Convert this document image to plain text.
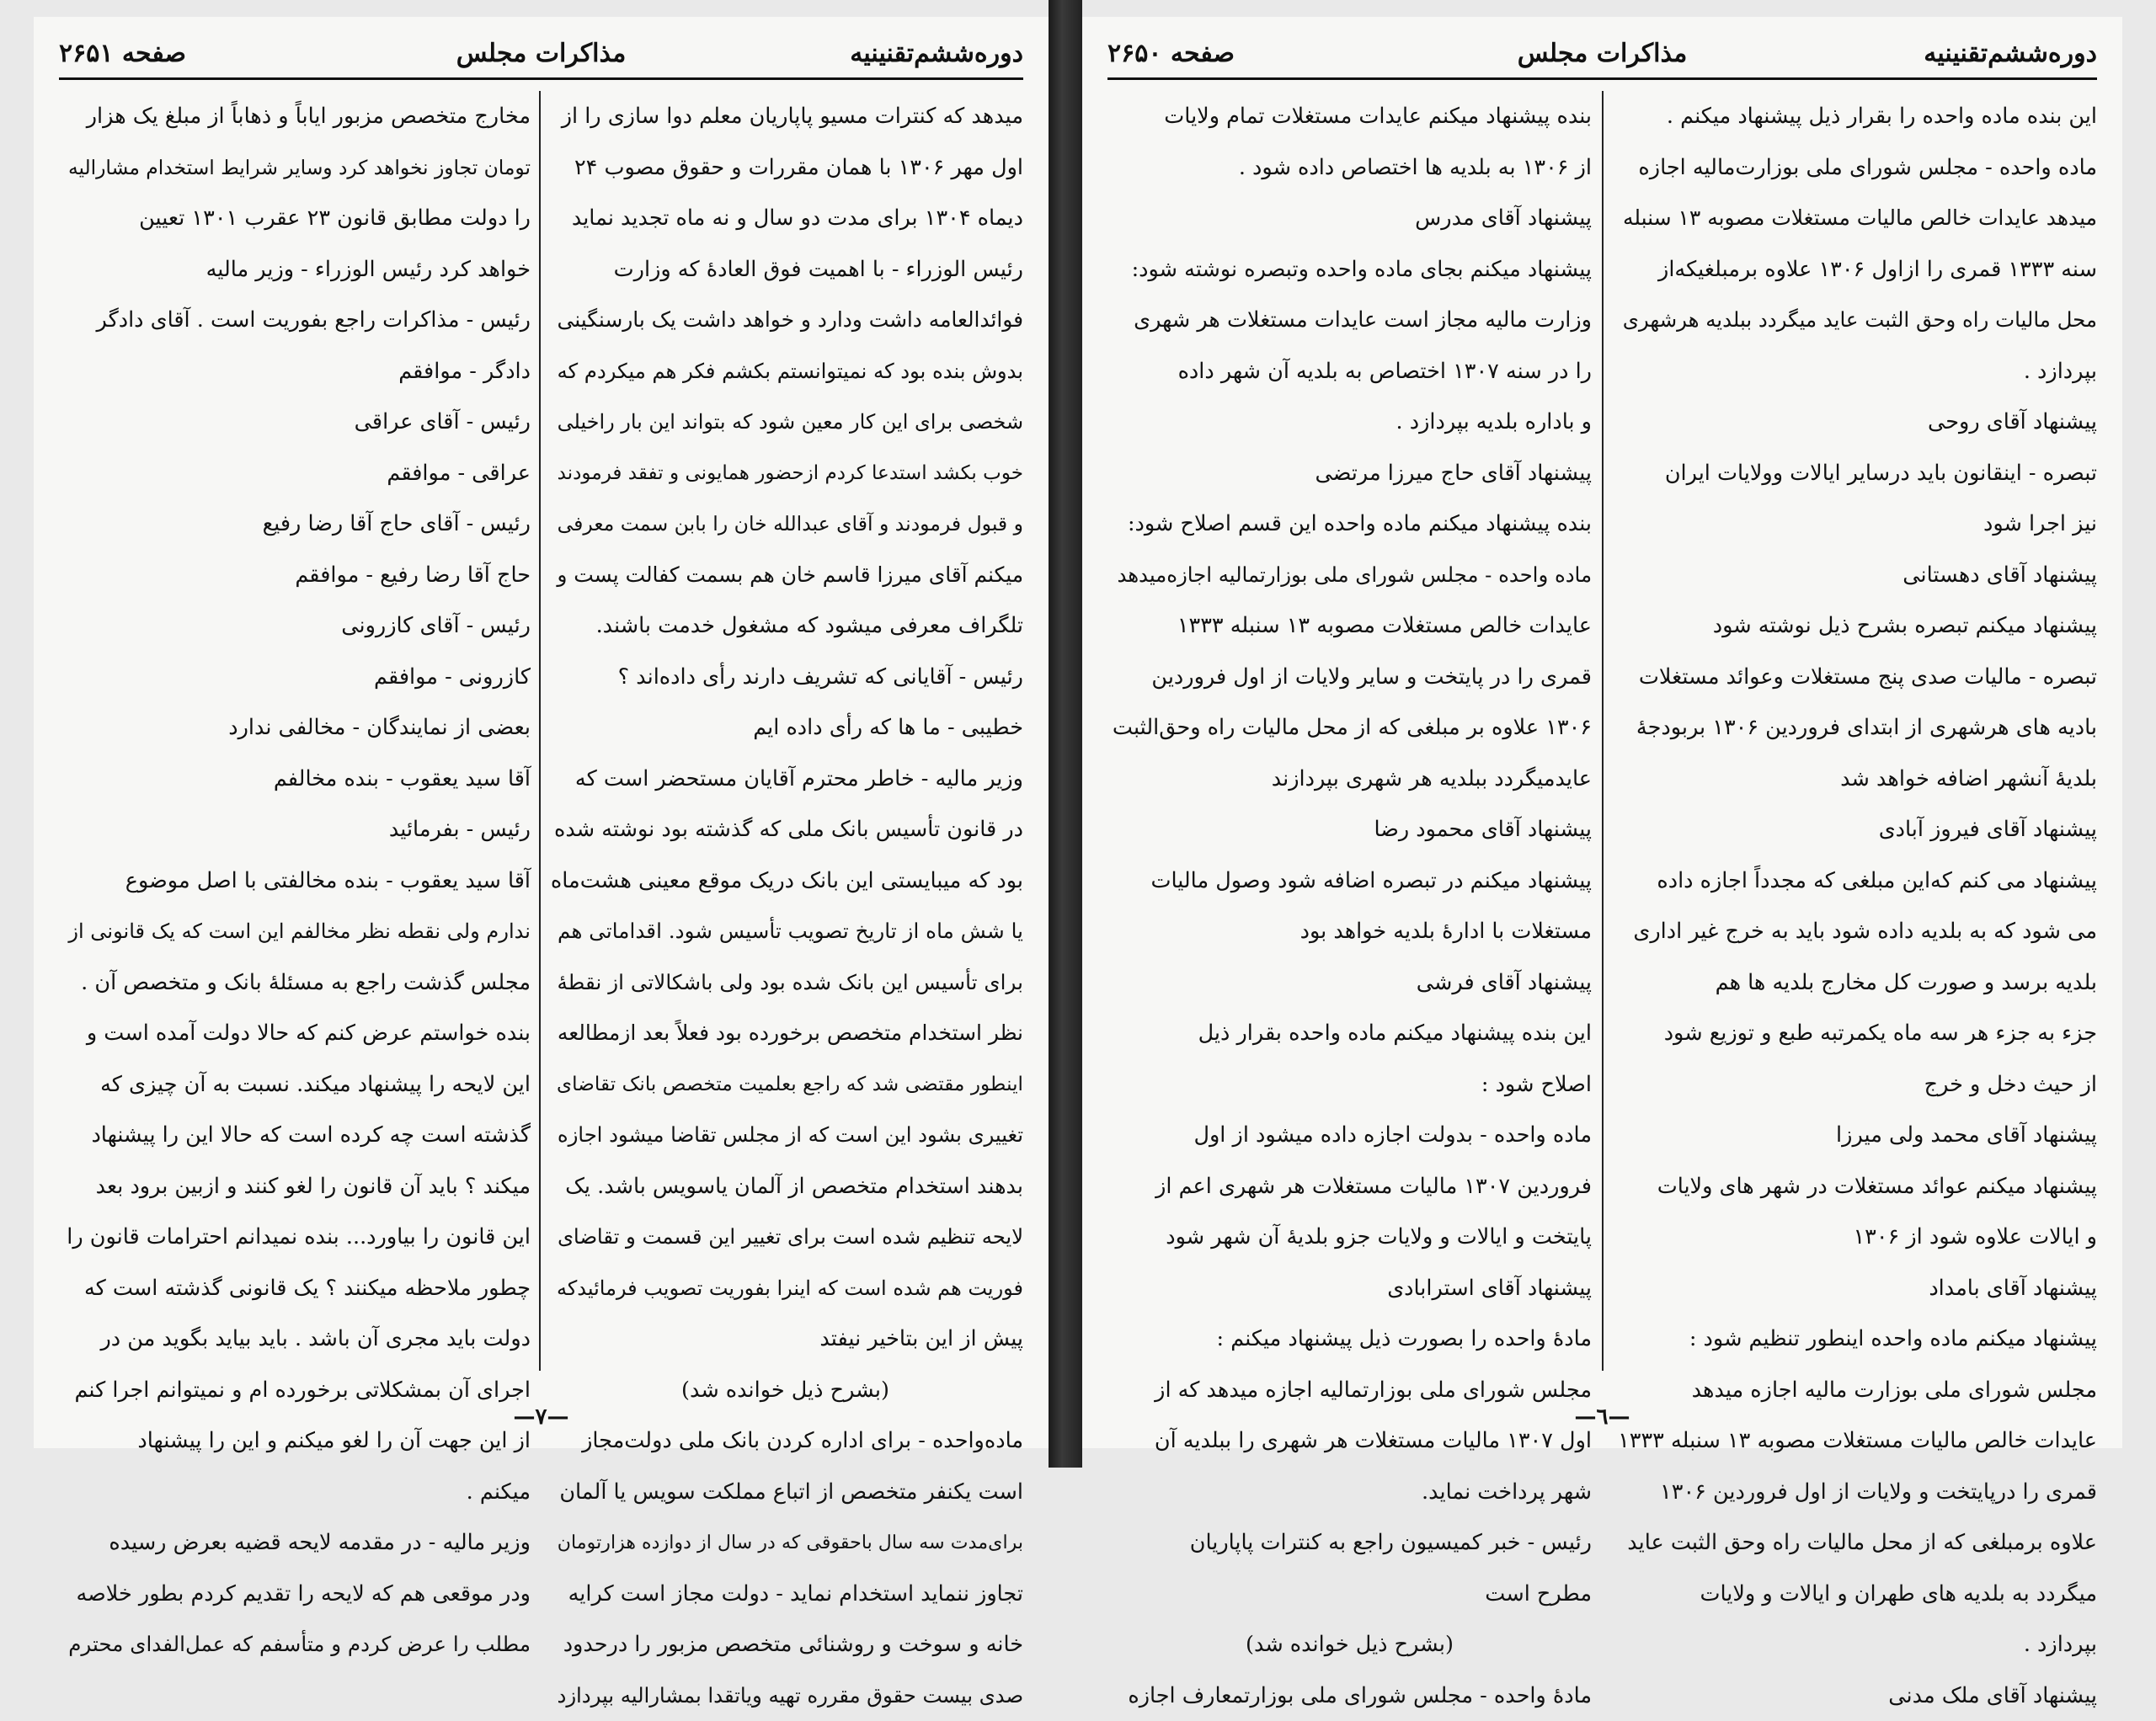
دوره‌ششم‌تقنینیه
مذاکرات مجلس
صفحه ۲۶۵۱

میدهد که کنترات مسیو پاپاریان معلم دوا سازی را از

اول مهر ۱۳۰۶ با همان مقررات و حقوق مصوب ۲۴

دیماه ۱۳۰۴ برای مدت دو سال و نه ماه تجدید نماید

رئیس الوزراء - با اهمیت فوق العادهٔ که وزارت

فوائدالعامه داشت ودارد و خواهد داشت یک بارسنگینی

بدوش بنده بود که نمیتوانستم بکشم فکر هم میکردم که

شخصی برای این کار معین شود که بتواند این بار راخیلی

خوب بکشد استدعا کردم ازحضور همایونی و تفقد فرمودند

و قبول فرمودند و آقای عبدالله خان را بابن سمت معرفی

میکنم آقای میرزا قاسم خان هم بسمت کفالت پست و

تلگراف معرفی میشود که مشغول خدمت باشند.

رئیس - آقایانی که تشریف دارند رأی داده‌اند ؟

خطیبی - ما ها که رأی داده ایم

وزیر مالیه - خاطر محترم آقایان مستحضر است که

در قانون تأسیس بانک ملی که گذشته بود نوشته شده

بود که میبایستی این بانک دریک موقع معینی هشت‌ماه

یا شش ماه از تاریخ تصویب تأسیس شود. اقداماتی هم

برای تأسیس این بانک شده بود ولی باشکالاتی از نقطهٔ

نظر استخدام متخصص برخورده بود فعلاً بعد ازمطالعه

اینطور مقتضی شد که راجع بعلمیت متخصص بانک تقاضای

تغییری بشود این است که از مجلس تقاضا میشود اجازه

بدهند استخدام متخصص از آلمان یاسویس باشد. یک

لایحه تنظیم شده است برای تغییر این قسمت و تقاضای

فوریت هم شده است که اینرا بفوریت تصویب فرمائیدکه

پیش از این بتاخیر نیفتد

(بشرح ذیل خوانده شد)

ماده‌واحده - برای اداره کردن بانک ملی دولت‌مجاز

است یکنفر متخصص از اتباع مملکت سویس یا آلمان

برای‌مدت سه سال باحقوقی که در سال از دوازده هزارتومان

تجاوز ننماید استخدام نماید - دولت مجاز است کرایه

خانه و سوخت و روشنائی متخصص مزبور را درحدود

صدی بیست حقوق مقرره تهیه ویاتقدا بمشارالیه بپردازد

مخارج متخصص مزبور ایاباً و ذهاباً از مبلغ یک هزار

تومان تجاوز نخواهد کرد وسایر شرایط استخدام مشارالیه

را دولت مطابق قانون ۲۳ عقرب ۱۳۰۱ تعیین

خواهد کرد رئیس الوزراء - وزیر مالیه

رئیس - مذاکرات راجع بفوریت است . آقای دادگر

دادگر - موافقم

رئیس - آقای عراقی

عراقی - موافقم

رئیس - آقای حاج آقا رضا رفیع

حاج آقا رضا رفیع - موافقم

رئیس - آقای کازرونی

کازرونی - موافقم

بعضی از نمایندگان - مخالفی ندارد

آقا سید یعقوب - بنده مخالفم

رئیس - بفرمائید

آقا سید یعقوب - بنده مخالفتی با اصل موضوع

ندارم ولی نقطه نظر مخالفم این است که یک قانونی از

مجلس گذشت راجع به مسئلهٔ بانک و متخصص آن .

بنده خواستم عرض کنم که حالا دولت آمده است و

این لایحه را پیشنهاد میکند. نسبت به آن چیزی که

گذشته است چه کرده است که حالا این را پیشنهاد

میکند ؟ باید آن قانون را لغو کنند و ازبین برود بعد

این قانون را بیاورد... بنده نمیدانم احترامات قانون را

چطور ملاحظه میکنند ؟ یک قانونی گذشته است که

دولت باید مجری آن باشد . باید بیاید بگوید من در

اجرای آن بمشکلاتی برخورده ام و نمیتوانم اجرا کنم

از این جهت آن را لغو میکنم و این را پیشنهاد

میکنم .

وزیر مالیه - در مقدمه لایحه قضیه بعرض رسیده

ودر موقعی هم که لایحه را تقدیم کردم بطور خلاصه

مطلب را عرض کردم و متأسفم که عمل‌الفدای محترم

—٧—
دوره‌ششم‌تقنینیه
مذاکرات مجلس
صفحه ۲۶۵۰

این بنده ماده واحده را بقرار ذیل پیشنهاد میکنم .

ماده واحده - مجلس شورای ملی بوزارت‌مالیه اجازه

میدهد عایدات خالص مالیات مستغلات مصوبه ۱۳ سنبله

سنه ۱۳۳۳ قمری را ازاول ۱۳۰۶ علاوه برمبلغیکه‌از

محل مالیات راه وحق الثبت عاید میگردد ببلدیه هرشهری

بپردازد .

پیشنهاد آقای روحی

تبصره - اینقانون باید درسایر ایالات وولایات ایران

نیز اجرا شود

پیشنهاد آقای دهستانی

پیشنهاد میکنم تبصره بشرح ذیل نوشته شود

تبصره - مالیات صدی پنج مستغلات وعوائد مستغلات

بادیه های هرشهری از ابتدای فروردین ۱۳۰۶ بربودجهٔ

بلدیهٔ آنشهر اضافه خواهد شد

پیشنهاد آقای فیروز آبادی

پیشنهاد می کنم که‌این مبلغی که مجدداً اجازه داده

می شود که به بلدیه داده شود باید به خرج غیر اداری

بلدیه برسد و صورت کل مخارج بلدیه ها هم

جزء به جزء هر سه ماه یکمرتبه طبع و توزیع شود

از حیث دخل و خرج

پیشنهاد آقای محمد ولی میرزا

پیشنهاد میکنم عوائد مستغلات در شهر های ولایات

و ایالات علاوه شود از ۱۳۰۶

پیشنهاد آقای بامداد

پیشنهاد میکنم ماده واحده اینطور تنظیم شود :

مجلس شورای ملی بوزارت مالیه اجازه میدهد

عایدات خالص مالیات مستغلات مصوبه ۱۳ سنبله ۱۳۳۳

قمری را درپایتخت و ولایات از اول فروردین ۱۳۰۶

علاوه برمبلغی که از محل مالیات راه وحق الثبت عاید

میگردد به بلدیه های طهران و ایالات و ولایات

بپردازد .

پیشنهاد آقای ملک مدنی

بنده پیشنهاد میکنم عایدات مستغلات تمام ولایات

از ۱۳۰۶ به بلدیه ها اختصاص داده شود .

پیشنهاد آقای مدرس

پیشنهاد میکنم بجای ماده واحده وتبصره نوشته شود:

وزارت مالیه مجاز است عایدات مستغلات هر شهری

را در سنه ۱۳۰۷ اختصاص به بلدیه آن شهر داده

و باداره بلدیه بپردازد .

پیشنهاد آقای حاج میرزا مرتضی

بنده پیشنهاد میکنم ماده واحده این قسم اصلاح شود:

ماده واحده - مجلس شورای ملی بوزارتمالیه اجازه‌میدهد

عایدات خالص مستغلات مصوبه ۱۳ سنبله ۱۳۳۳

قمری را در پایتخت و سایر ولایات از اول فروردین

۱۳۰۶ علاوه بر مبلغی که از محل مالیات راه وحق‌الثبت

عایدمیگردد ببلدیه هر شهری بپردازند

پیشنهاد آقای محمود رضا

پیشنهاد میکنم در تبصره اضافه شود وصول مالیات

مستغلات با ادارهٔ بلدیه خواهد بود

پیشنهاد آقای فرشی

این بنده پیشنهاد میکنم ماده واحده بقرار ذیل

اصلاح شود :

ماده واحده - بدولت اجازه داده میشود از اول

فروردین ۱۳۰۷ مالیات مستغلات هر شهری اعم از

پایتخت و ایالات و ولایات جزو بلدیهٔ آن شهر شود

پیشنهاد آقای استرابادی

مادهٔ واحده را بصورت ذیل پیشنهاد میکنم :

مجلس شورای ملی بوزارتمالیه اجازه میدهد که از

اول ۱۳۰۷ مالیات مستغلات هر شهری را ببلدیه آن

شهر پرداخت نماید.

رئیس - خبر کمیسیون راجع به کنترات پاپاریان

مطرح است

(بشرح ذیل خوانده شد)

مادهٔ واحده - مجلس شورای ملی بوزارتمعارف اجازه

—٦—
